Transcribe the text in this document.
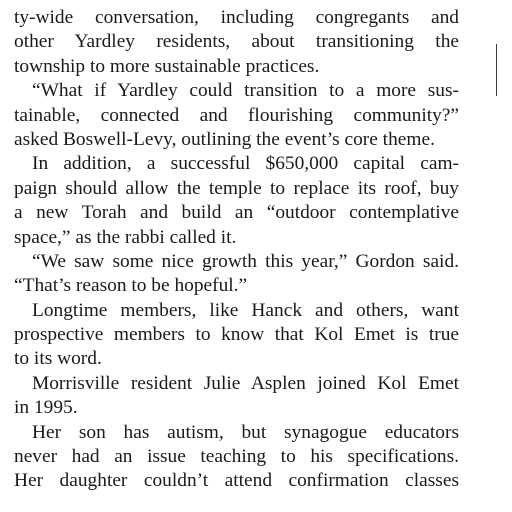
ty-wide conversation, including congregants and
other Yardley residents, about transitioning the
township to more sustainable practices.
“What if Yardley could transition to a more sus-
tainable, connected and flourishing community?”
asked Boswell-Levy, outlining the event’s core theme.
In addition, a successful $650,000 capital cam-
paign should allow the temple to replace its roof, buy
a new Torah and build an “outdoor contemplative
space,” as the rabbi called it.
“We saw some nice growth this year,” Gordon said.
“That’s reason to be hopeful.”
Longtime members, like Hanck and others, want
prospective members to know that Kol Emet is true
to its word.
Morrisville resident Julie Asplen joined Kol Emet
in 1995.
Her son has autism, but synagogue educators
never had an issue teaching to his specifications.
Her daughter couldn’t attend confirmation classes
